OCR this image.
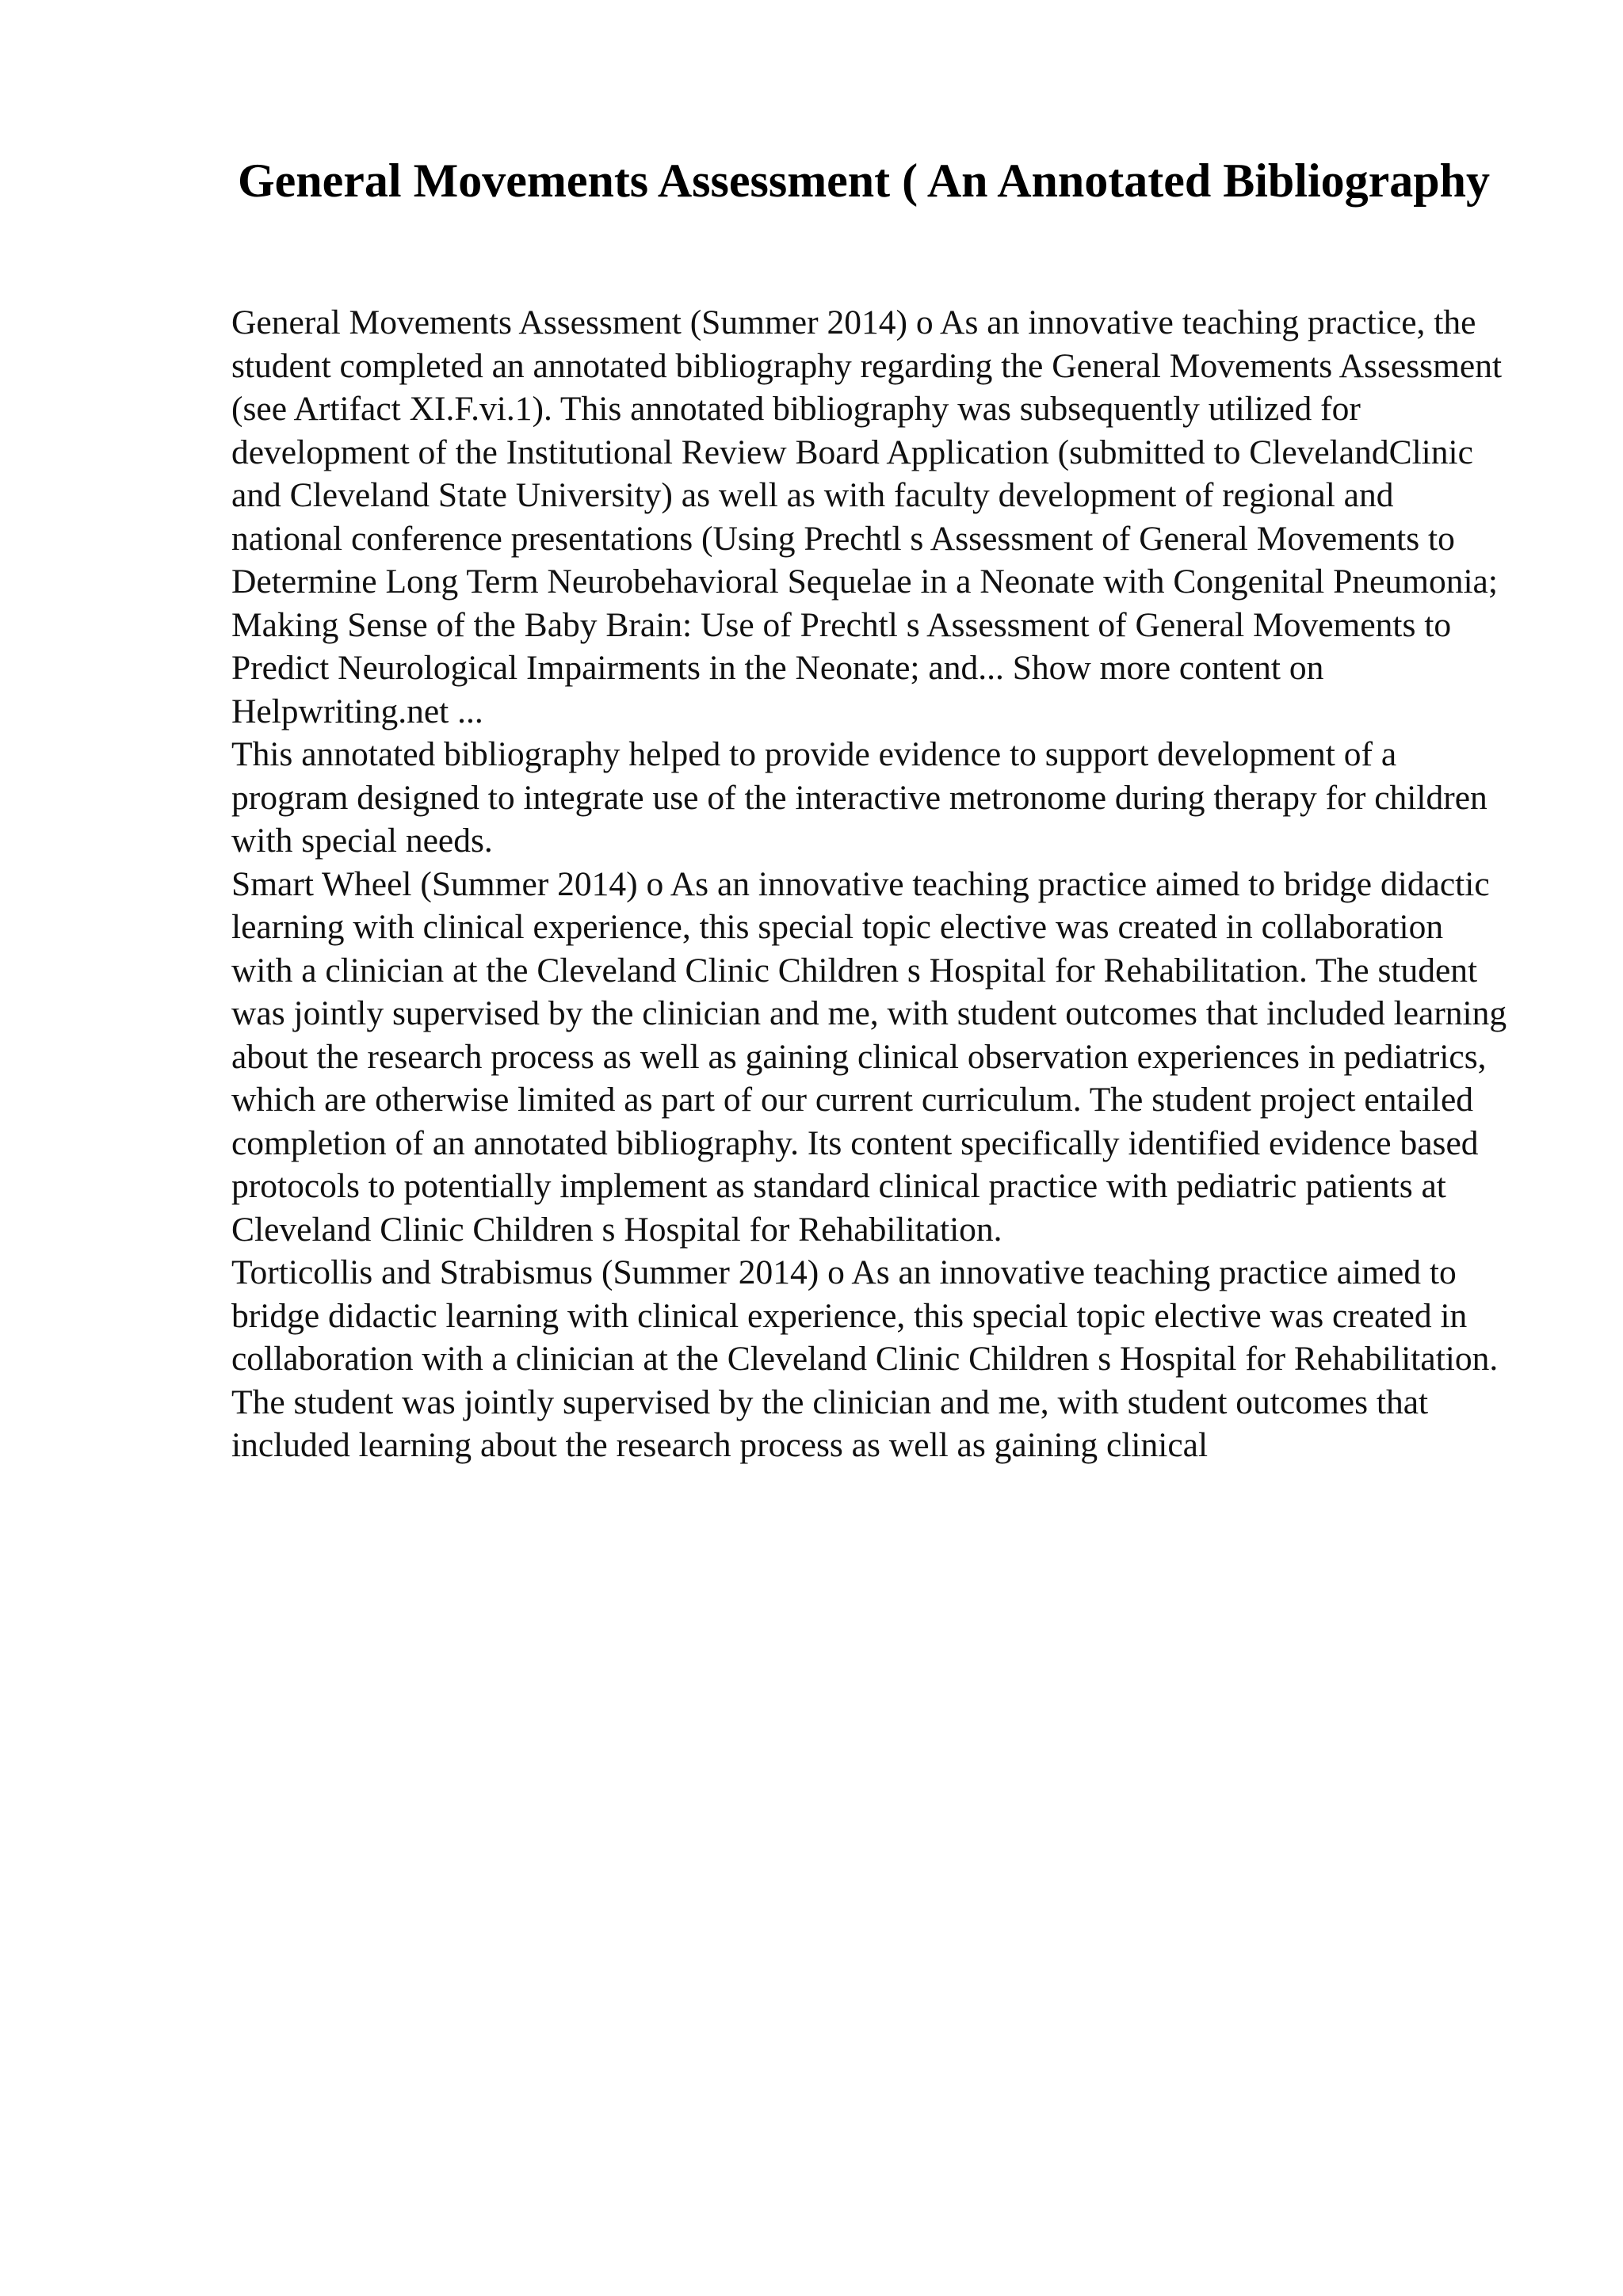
General Movements Assessment ( An Annotated Bibliography

General Movements Assessment (Summer 2014) o As an innovative teaching practice, the student completed an annotated bibliography regarding the General Movements Assessment (see Artifact XI.F.vi.1). This annotated bibliography was subsequently utilized for development of the Institutional Review Board Application (submitted to ClevelandClinic and Cleveland State University) as well as with faculty development of regional and national conference presentations (Using Prechtl s Assessment of General Movements to Determine Long Term Neurobehavioral Sequelae in a Neonate with Congenital Pneumonia; Making Sense of the Baby Brain: Use of Prechtl s Assessment of General Movements to Predict Neurological Impairments in the Neonate; and... Show more content on Helpwriting.net ...

This annotated bibliography helped to provide evidence to support development of a program designed to integrate use of the interactive metronome during therapy for children with special needs.

Smart Wheel (Summer 2014) o As an innovative teaching practice aimed to bridge didactic learning with clinical experience, this special topic elective was created in collaboration with a clinician at the Cleveland Clinic Children s Hospital for Rehabilitation. The student was jointly supervised by the clinician and me, with student outcomes that included learning about the research process as well as gaining clinical observation experiences in pediatrics, which are otherwise limited as part of our current curriculum. The student project entailed completion of an annotated bibliography. Its content specifically identified evidence based protocols to potentially implement as standard clinical practice with pediatric patients at Cleveland Clinic Children s Hospital for Rehabilitation.

Torticollis and Strabismus (Summer 2014) o As an innovative teaching practice aimed to bridge didactic learning with clinical experience, this special topic elective was created in collaboration with a clinician at the Cleveland Clinic Children s Hospital for Rehabilitation. The student was jointly supervised by the clinician and me, with student outcomes that included learning about the research process as well as gaining clinical
